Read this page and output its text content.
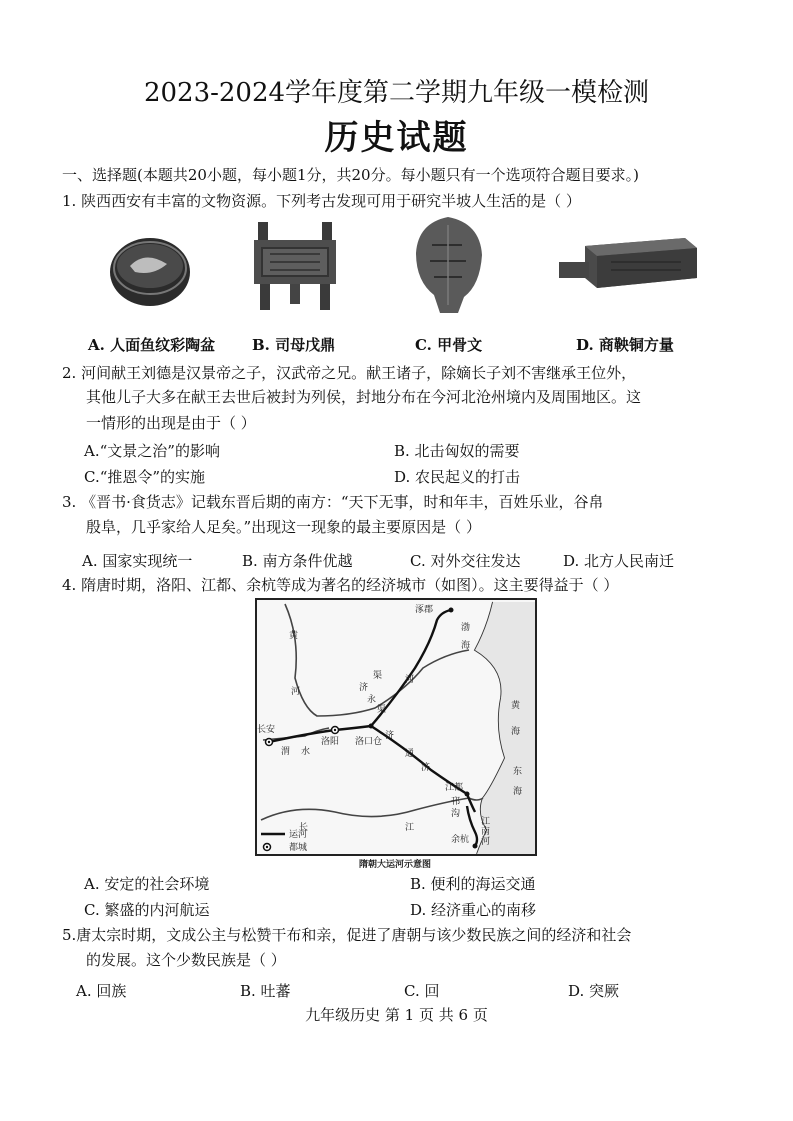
2023-2024学年度第二学期九年级一模检测
历史试题
一、选择题(本题共20小题，每小题1分，共20分。每小题只有一个选项符合题目要求。)
1. 陕西西安有丰富的文物资源。下列考古发现可用于研究半坡人生活的是（ ）
A. 人面鱼纹彩陶盆 B. 司母戊鼎	C. 甲骨文	D. 商鞅铜方量
2. 河间献王刘德是汉景帝之子，汉武帝之兄。献王诸子，除嫡长子刘不害继承王位外，
其他儿子大多在献王去世后被封为列侯，封地分布在今河北沧州境内及周围地区。这
一情形的出现是由于（ ）
A.“文景之治”的影响	B. 北击匈奴的需要
C.“推恩令”的实施	D. 农民起义的打击
3. 《晋书·食货志》记载东晋后期的南方：“天下无事，时和年丰，百姓乐业，谷帛
殷阜，几乎家给人足矣。”出现这一现象的最主要原因是（ ）
A. 国家实现统一	B. 南方条件优越	C. 对外交往发达	D. 北方人民南迁
4. 隋唐时期，洛阳、江都、余杭等成为著名的经济城市（如图）。这主要得益于（ ）
涿郡
长安
洛阳 洛口仓
江都
余杭
黄
河
渭 水
河
长	江
济
通
济
渠
永
济
渠
邗
沟
江
南
河
渤
海
黄
海
东
海
运河
都城
隋朝大运河示意图
A. 安定的社会环境	B. 便利的海运交通
C. 繁盛的内河航运	D. 经济重心的南移
5.唐太宗时期，文成公主与松赞干布和亲，促进了唐朝与该少数民族之间的经济和社会
的发展。这个少数民族是（ ）
A. 回族	B. 吐蕃	C. 回	D. 突厥
九年级历史 第 1 页 共 6 页
